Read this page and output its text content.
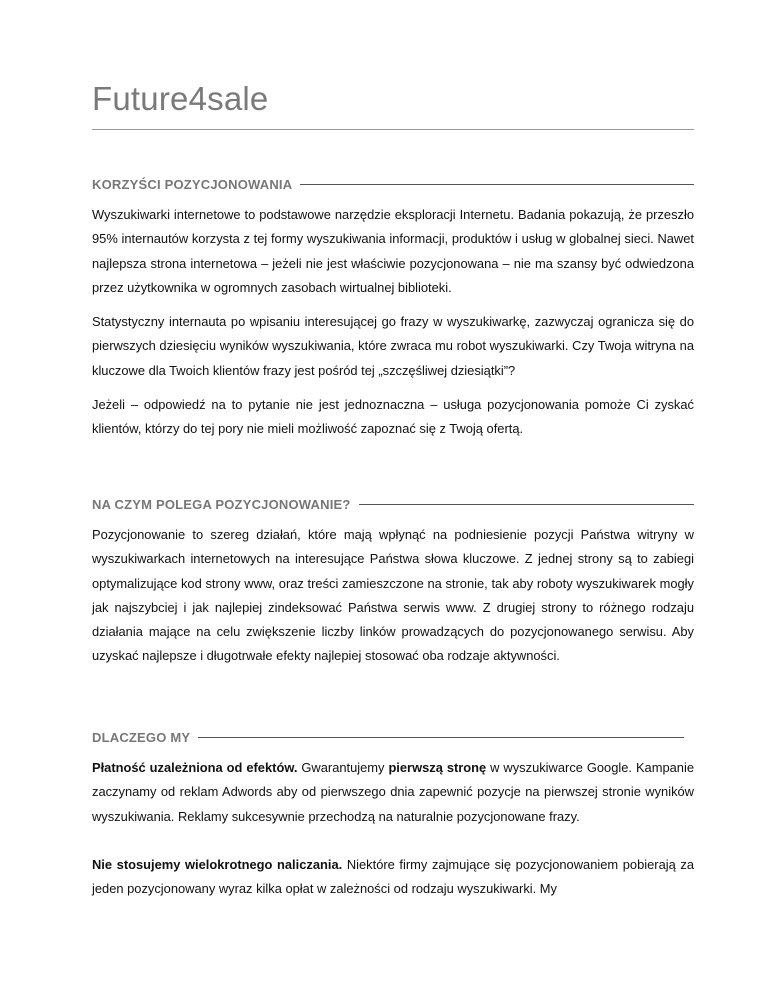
Future4sale
KORZYŚCI POZYCJONOWANIA

Wyszukiwarki internetowe to podstawowe narzędzie eksploracji Internetu. Badania pokazują, że przeszło 95% internautów korzysta z tej formy wyszukiwania informacji, produktów i usług w globalnej sieci. Nawet najlepsza strona internetowa – jeżeli nie jest właściwie pozycjonowana – nie ma szansy być odwiedzona przez użytkownika w ogromnych zasobach wirtualnej biblioteki.

Statystyczny internauta po wpisaniu interesującej go frazy w wyszukiwarkę, zazwyczaj ogranicza się do pierwszych dziesięciu wyników wyszukiwania, które zwraca mu robot wyszukiwarki. Czy Twoja witryna na kluczowe dla Twoich klientów frazy jest pośród tej „szczęśliwej dziesiątki”?

Jeżeli – odpowiedź na to pytanie nie jest jednoznaczna – usługa pozycjonowania pomoże Ci zyskać klientów, którzy do tej pory nie mieli możliwość zapoznać się z Twoją ofertą.

NA CZYM POLEGA POZYCJONOWANIE?

Pozycjonowanie to szereg działań, które mają wpłynąć na podniesienie pozycji Państwa witryny w wyszukiwarkach internetowych na interesujące Państwa słowa kluczowe. Z jednej strony są to zabiegi optymalizujące kod strony www, oraz treści zamieszczone na stronie, tak aby roboty wyszukiwarek mogły jak najszybciej i jak najlepiej zindeksować Państwa serwis www. Z drugiej strony to różnego rodzaju działania mające na celu zwiększenie liczby linków prowadzących do pozycjonowanego serwisu. Aby uzyskać najlepsze i długotrwałe efekty najlepiej stosować oba rodzaje aktywności.

DLACZEGO MY

Płatność uzależniona od efektów. Gwarantujemy pierwszą stronę w wyszukiwarce Google. Kampanie zaczynamy od reklam Adwords aby od pierwszego dnia zapewnić pozycje na pierwszej stronie wyników wyszukiwania. Reklamy sukcesywnie przechodzą na naturalnie pozycjonowane frazy.

Nie stosujemy wielokrotnego naliczania. Niektóre firmy zajmujące się pozycjonowaniem pobierają za jeden pozycjonowany wyraz kilka opłat w zależności od rodzaju wyszukiwarki. My
